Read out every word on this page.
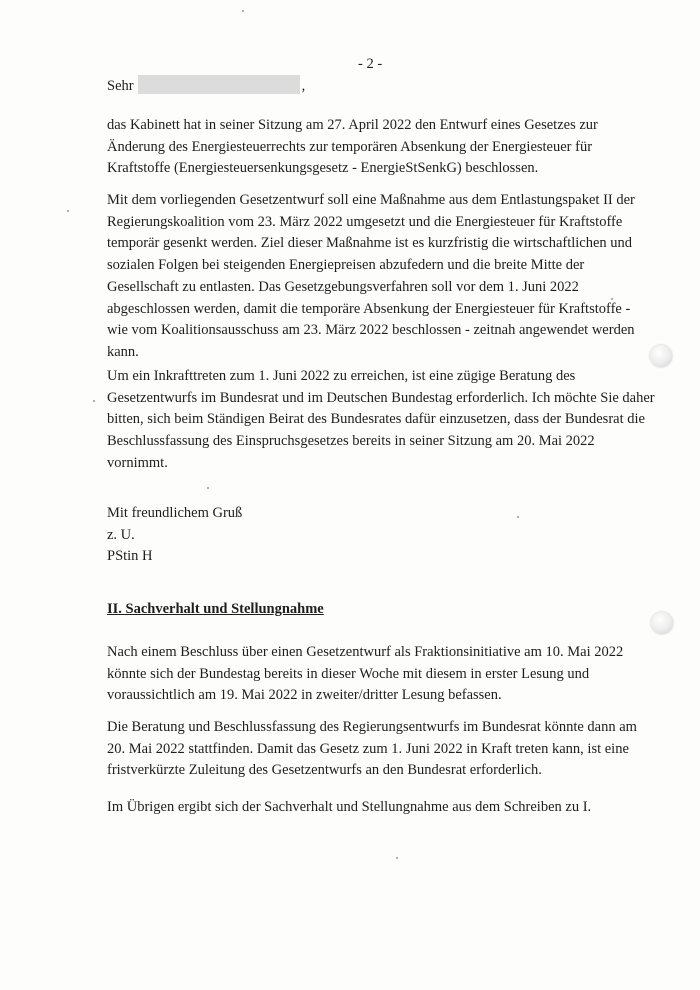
- 2 -
Sehr	,

das Kabinett hat in seiner Sitzung am 27. April 2022 den Entwurf eines Gesetzes zur
Änderung des Energiesteuerrechts zur temporären Absenkung der Energiesteuer für
Kraftstoffe (Energiesteuersenkungsgesetz - EnergieStSenkG) beschlossen.

Mit dem vorliegenden Gesetzentwurf soll eine Maßnahme aus dem Entlastungspaket II der
Regierungskoalition vom 23. März 2022 umgesetzt und die Energiesteuer für Kraftstoffe
temporär gesenkt werden. Ziel dieser Maßnahme ist es kurzfristig die wirtschaftlichen und
sozialen Folgen bei steigenden Energiepreisen abzufedern und die breite Mitte der
Gesellschaft zu entlasten. Das Gesetzgebungsverfahren soll vor dem 1. Juni 2022
abgeschlossen werden, damit die temporäre Absenkung der Energiesteuer für Kraftstoffe -
wie vom Koalitionsausschuss am 23. März 2022 beschlossen - zeitnah angewendet werden
kann.

Um ein Inkrafttreten zum 1. Juni 2022 zu erreichen, ist eine zügige Beratung des
Gesetzentwurfs im Bundesrat und im Deutschen Bundestag erforderlich. Ich möchte Sie daher
bitten, sich beim Ständigen Beirat des Bundesrates dafür einzusetzen, dass der Bundesrat die
Beschlussfassung des Einspruchsgesetzes bereits in seiner Sitzung am 20. Mai 2022
vornimmt.

Mit freundlichem Gruß
z. U.
PStin H

II. Sachverhalt und Stellungnahme

Nach einem Beschluss über einen Gesetzentwurf als Fraktionsinitiative am 10. Mai 2022
könnte sich der Bundestag bereits in dieser Woche mit diesem in erster Lesung und
voraussichtlich am 19. Mai 2022 in zweiter/dritter Lesung befassen.

Die Beratung und Beschlussfassung des Regierungsentwurfs im Bundesrat könnte dann am
20. Mai 2022 stattfinden. Damit das Gesetz zum 1. Juni 2022 in Kraft treten kann, ist eine
fristverkürzte Zuleitung des Gesetzentwurfs an den Bundesrat erforderlich.

Im Übrigen ergibt sich der Sachverhalt und Stellungnahme aus dem Schreiben zu I.
